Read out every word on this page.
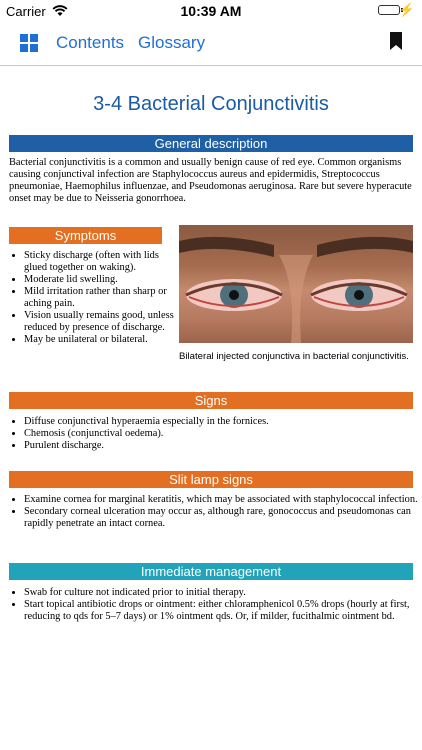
Carrier	10:39 AM	⚡
Contents Glossary
3-4 Bacterial Conjunctivitis
General description
Bacterial conjunctivitis is a common and usually benign cause of red eye. Common organisms causing conjunctival infection are Staphylococcus aureus and epidermidis, Streptococcus pneumoniae, Haemophilus influenzae, and Pseudomonas aeruginosa. Rare but severe hyperacute onset may be due to Neisseria gonorrhoea.
Symptoms
• Sticky discharge (often with lids glued together on waking).
• Moderate lid swelling.
• Mild irritation rather than sharp or aching pain.
• Vision usually remains good, unless reduced by presence of discharge.
• May be unilateral or bilateral.
Bilateral injected conjunctiva in bacterial conjunctivitis.
Signs
• Diffuse conjunctival hyperaemia especially in the fornices.
• Chemosis (conjunctival oedema).
• Purulent discharge.
Slit lamp signs
• Examine cornea for marginal keratitis, which may be associated with staphylococcal infection.
• Secondary corneal ulceration may occur as, although rare, gonococcus and pseudomonas can rapidly penetrate an intact cornea.
Immediate management
• Swab for culture not indicated prior to initial therapy.
• Start topical antibiotic drops or ointment: either chloramphenicol 0.5% drops (hourly at first, reducing to qds for 5–7 days) or 1% ointment qds. Or, if milder, fucithalmic ointment bd.
